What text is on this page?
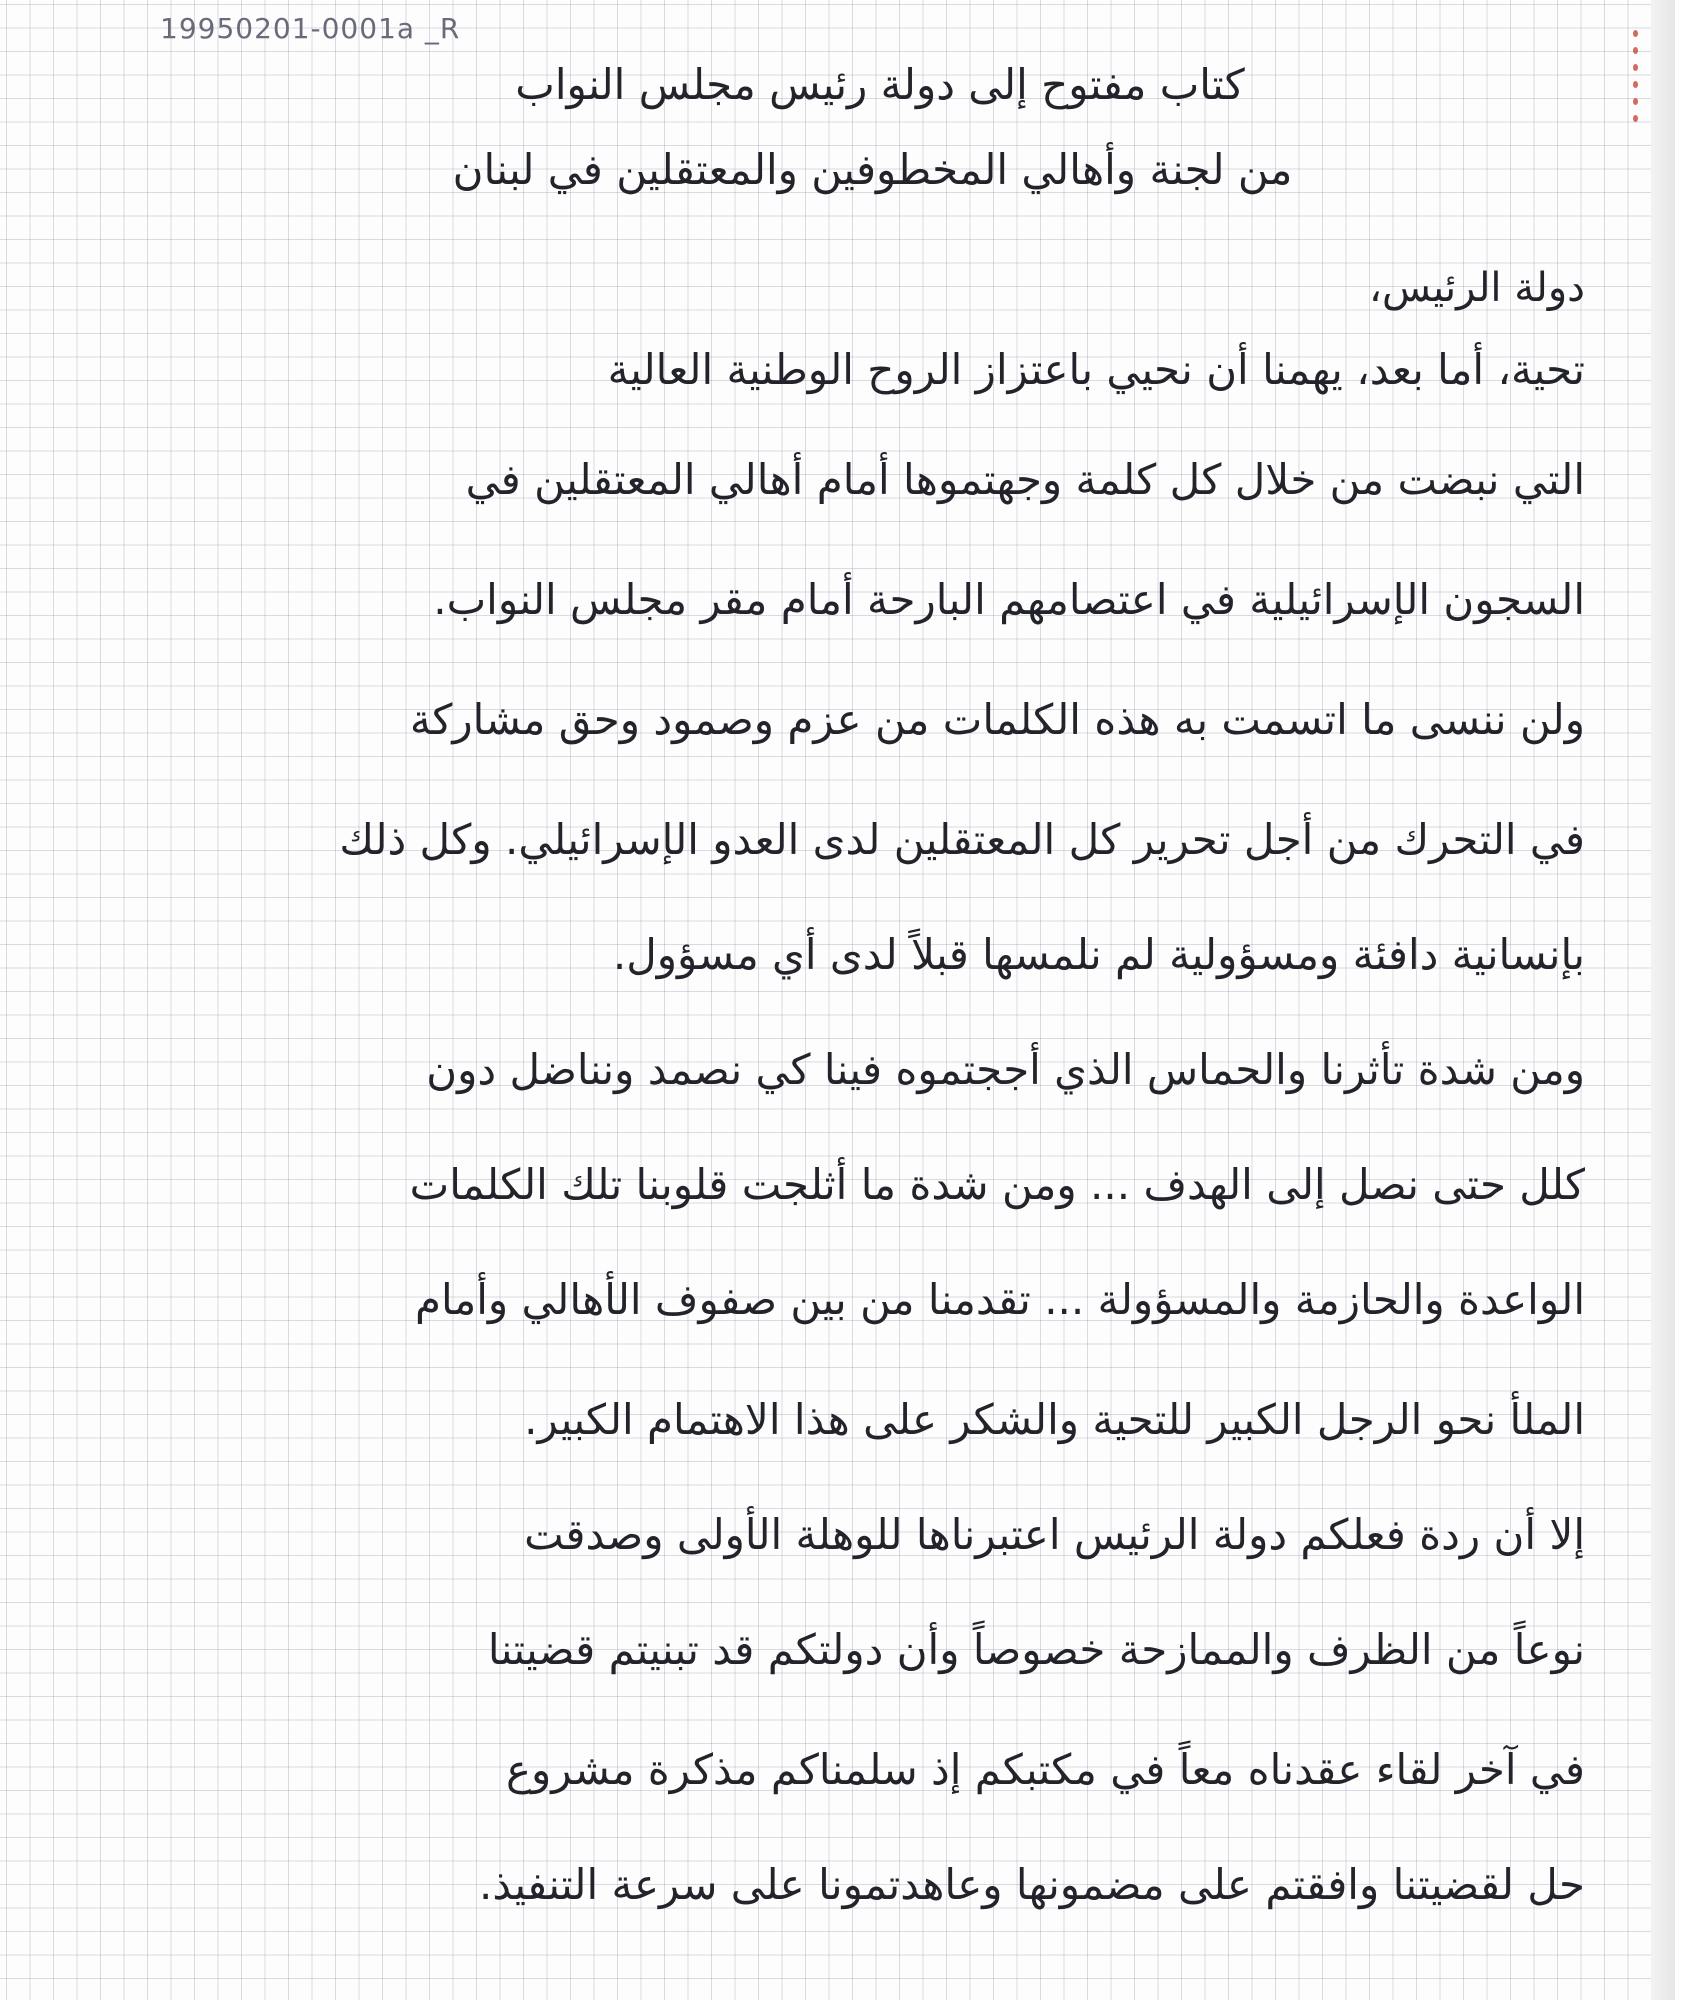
19950201-0001a _R
كتاب مفتوح إلى دولة رئيس مجلس النواب
من لجنة وأهالي المخطوفين والمعتقلين في لبنان
دولة الرئيس،
تحية، أما بعد، يهمنا أن نحيي باعتزاز الروح الوطنية العالية
التي نبضت من خلال كل كلمة وجهتموها أمام أهالي المعتقلين في
السجون الإسرائيلية في اعتصامهم البارحة أمام مقر مجلس النواب.
ولن ننسى ما اتسمت به هذه الكلمات من عزم وصمود وحق مشاركة
في التحرك من أجل تحرير كل المعتقلين لدى العدو الإسرائيلي. وكل ذلك
بإنسانية دافئة ومسؤولية لم نلمسها قبلاً لدى أي مسؤول.
ومن شدة تأثرنا والحماس الذي أججتموه فينا كي نصمد ونناضل دون
كلل حتى نصل إلى الهدف ... ومن شدة ما أثلجت قلوبنا تلك الكلمات
الواعدة والحازمة والمسؤولة ... تقدمنا من بين صفوف الأهالي وأمام
الملأ نحو الرجل الكبير للتحية والشكر على هذا الاهتمام الكبير.
إلا أن ردة فعلكم دولة الرئيس اعتبرناها للوهلة الأولى وصدقت
نوعاً من الظرف والممازحة خصوصاً وأن دولتكم قد تبنيتم قضيتنا
في آخر لقاء عقدناه معاً في مكتبكم إذ سلمناكم مذكرة مشروع
حل لقضيتنا وافقتم على مضمونها وعاهدتمونا على سرعة التنفيذ.
